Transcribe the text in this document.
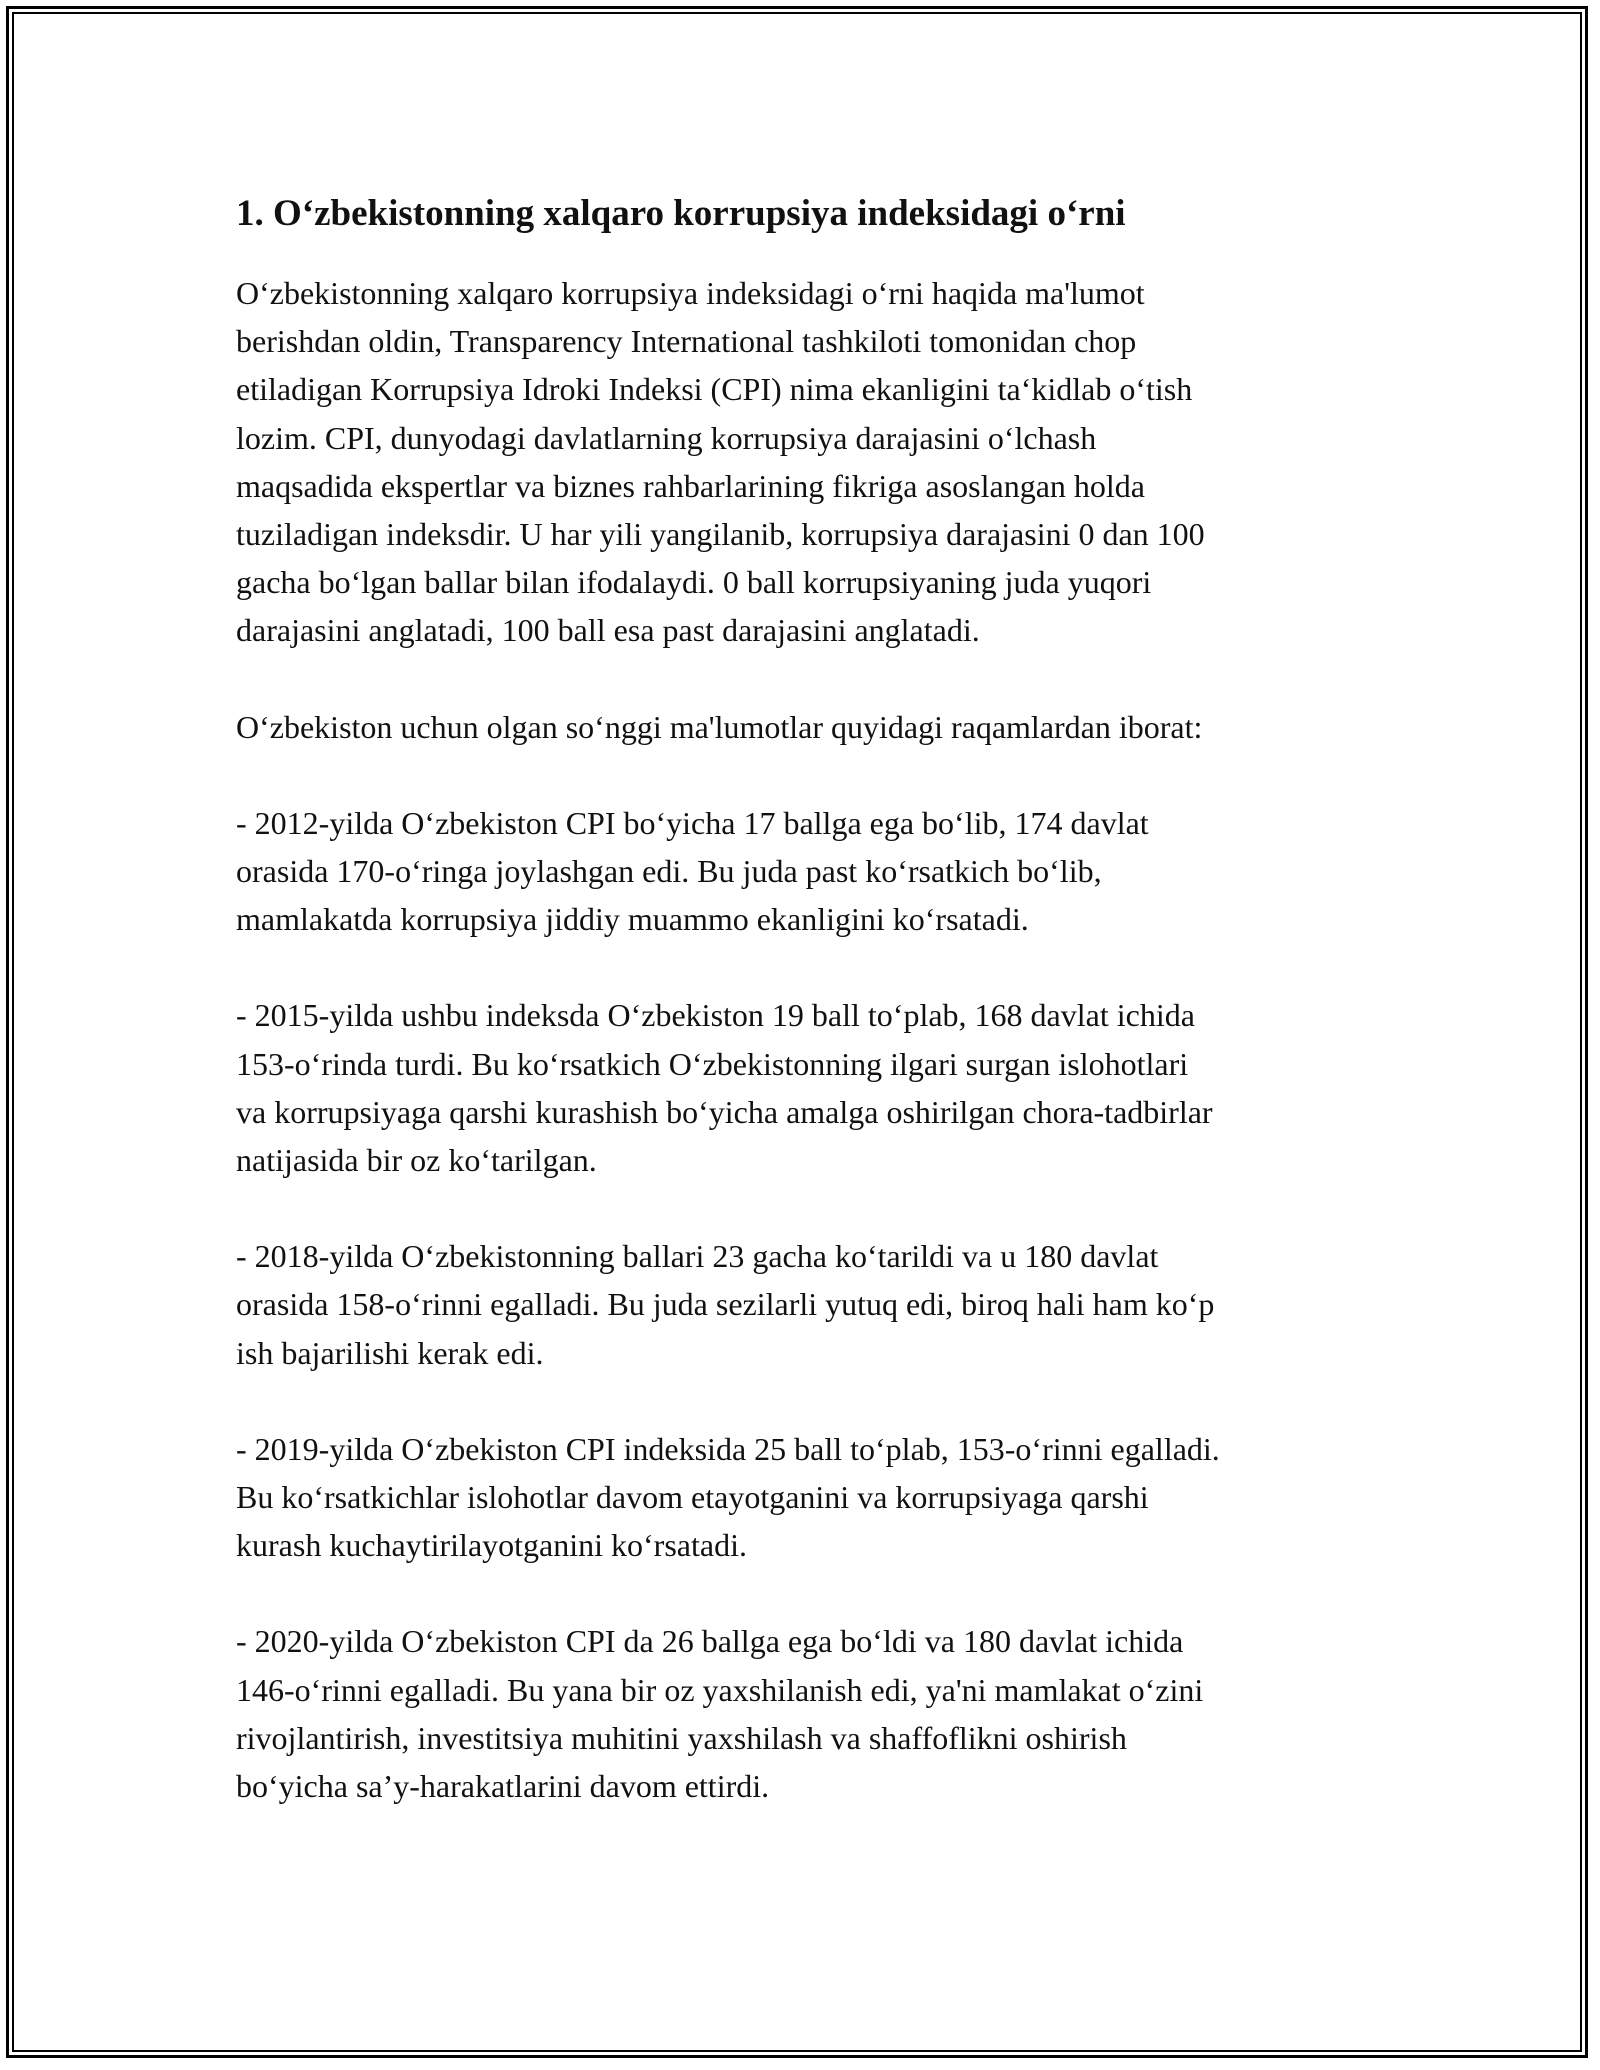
1. O‘zbekistonning xalqaro korrupsiya indeksidagi o‘rni

O‘zbekistonning xalqaro korrupsiya indeksidagi o‘rni haqida ma'lumot
berishdan oldin, Transparency International tashkiloti tomonidan chop
etiladigan Korrupsiya Idroki Indeksi (CPI) nima ekanligini ta‘kidlab o‘tish
lozim. CPI, dunyodagi davlatlarning korrupsiya darajasini o‘lchash
maqsadida ekspertlar va biznes rahbarlarining fikriga asoslangan holda
tuziladigan indeksdir. U har yili yangilanib, korrupsiya darajasini 0 dan 100
gacha bo‘lgan ballar bilan ifodalaydi. 0 ball korrupsiyaning juda yuqori
darajasini anglatadi, 100 ball esa past darajasini anglatadi.

O‘zbekiston uchun olgan so‘nggi ma'lumotlar quyidagi raqamlardan iborat:

- 2012-yilda O‘zbekiston CPI bo‘yicha 17 ballga ega bo‘lib, 174 davlat
orasida 170-o‘ringa joylashgan edi. Bu juda past ko‘rsatkich bo‘lib,
mamlakatda korrupsiya jiddiy muammo ekanligini ko‘rsatadi.

- 2015-yilda ushbu indeksda O‘zbekiston 19 ball to‘plab, 168 davlat ichida
153-o‘rinda turdi. Bu ko‘rsatkich O‘zbekistonning ilgari surgan islohotlari
va korrupsiyaga qarshi kurashish bo‘yicha amalga oshirilgan chora-tadbirlar
natijasida bir oz ko‘tarilgan.

- 2018-yilda O‘zbekistonning ballari 23 gacha ko‘tarildi va u 180 davlat
orasida 158-o‘rinni egalladi. Bu juda sezilarli yutuq edi, biroq hali ham ko‘p
ish bajarilishi kerak edi.

- 2019-yilda O‘zbekiston CPI indeksida 25 ball to‘plab, 153-o‘rinni egalladi.
Bu ko‘rsatkichlar islohotlar davom etayotganini va korrupsiyaga qarshi
kurash kuchaytirilayotganini ko‘rsatadi.

- 2020-yilda O‘zbekiston CPI da 26 ballga ega bo‘ldi va 180 davlat ichida
146-o‘rinni egalladi. Bu yana bir oz yaxshilanish edi, ya'ni mamlakat o‘zini
rivojlantirish, investitsiya muhitini yaxshilash va shaffoflikni oshirish
bo‘yicha sa’y-harakatlarini davom ettirdi.
